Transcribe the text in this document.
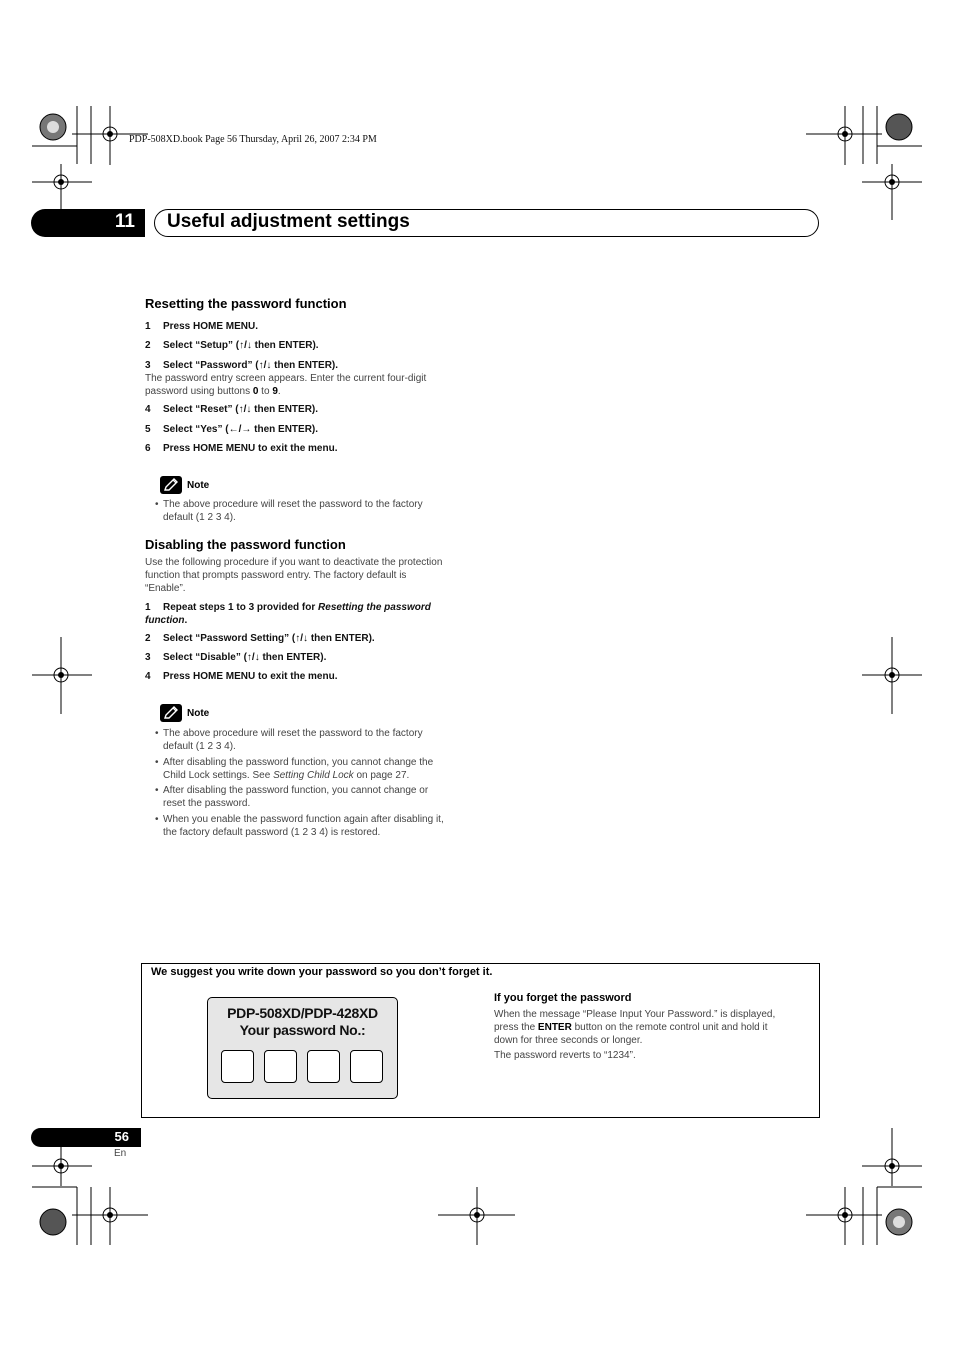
PDP-508XD.book Page 56 Thursday, April 26, 2007 2:34 PM
11 Useful adjustment settings
Resetting the password function
1 Press HOME MENU.
2 Select “Setup” (↑/↓ then ENTER).
3 Select “Password” (↑/↓ then ENTER).
The password entry screen appears. Enter the current four-digit
password using buttons 0 to 9.
4 Select “Reset” (↑/↓ then ENTER).
5 Select “Yes” (←/→ then ENTER).
6 Press HOME MENU to exit the menu.
Note
• The above procedure will reset the password to the factory
default (1 2 3 4).
Disabling the password function
Use the following procedure if you want to deactivate the protection
function that prompts password entry. The factory default is
“Enable”.
1 Repeat steps 1 to 3 provided for Resetting the password
function.
2 Select “Password Setting” (↑/↓ then ENTER).
3 Select “Disable” (↑/↓ then ENTER).
4 Press HOME MENU to exit the menu.
Note
• The above procedure will reset the password to the factory
default (1 2 3 4).
• After disabling the password function, you cannot change the
Child Lock settings. See Setting Child Lock on page 27.
• After disabling the password function, you cannot change or
reset the password.
• When you enable the password function again after disabling it,
the factory default password (1 2 3 4) is restored.
We suggest you write down your password so you don’t forget it.
PDP-508XD/PDP-428XD
Your password No.:
If you forget the password
When the message “Please Input Your Password.” is displayed,
press the ENTER button on the remote control unit and hold it
down for three seconds or longer.
The password reverts to “1234”.
56
En
